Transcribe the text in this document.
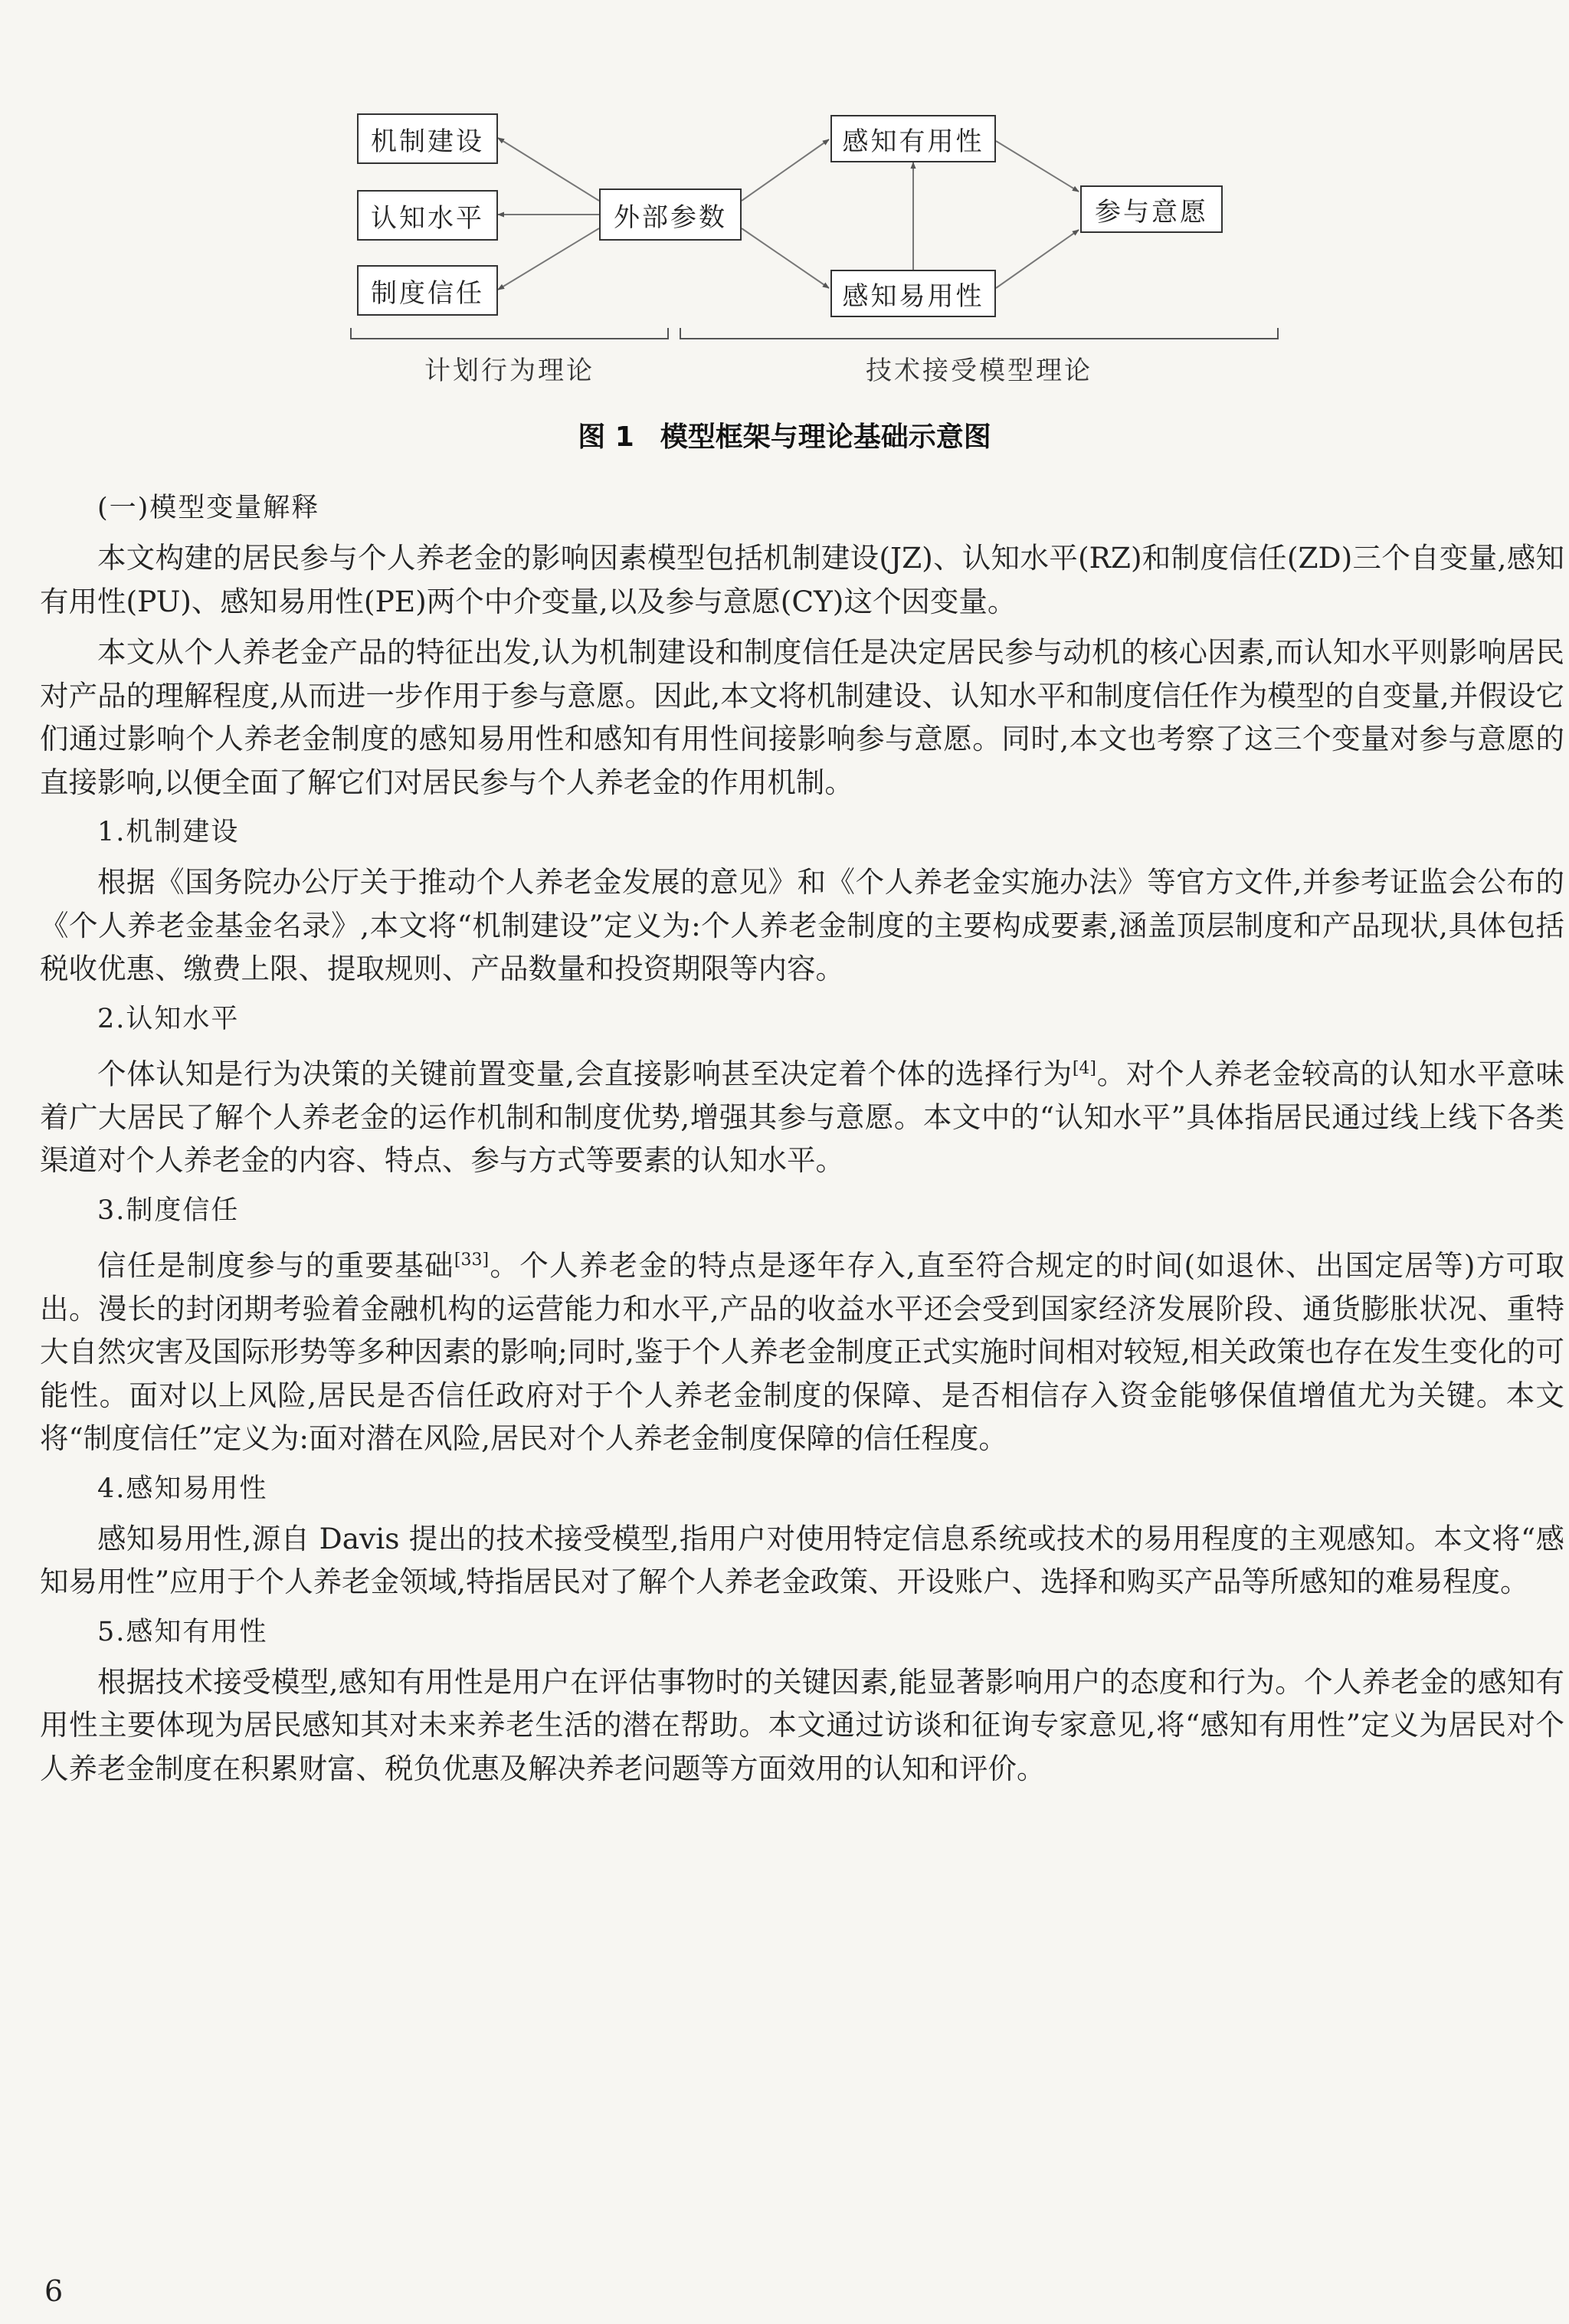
机制建设
认知水平
制度信任
外部参数
感知有用性
感知易用性
参与意愿
计划行为理论	技术接受模型理论
图 1 模型框架与理论基础示意图
(一)模型变量解释

本文构建的居民参与个人养老金的影响因素模型包括机制建设(JZ)、认知水平(RZ)和制度信任(ZD)三个自变量,感知有用性(PU)、感知易用性(PE)两个中介变量,以及参与意愿(CY)这个因变量。

本文从个人养老金产品的特征出发,认为机制建设和制度信任是决定居民参与动机的核心因素,而认知水平则影响居民对产品的理解程度,从而进一步作用于参与意愿。因此,本文将机制建设、认知水平和制度信任作为模型的自变量,并假设它们通过影响个人养老金制度的感知易用性和感知有用性间接影响参与意愿。同时,本文也考察了这三个变量对参与意愿的直接影响,以便全面了解它们对居民参与个人养老金的作用机制。

1.机制建设

根据《国务院办公厅关于推动个人养老金发展的意见》和《个人养老金实施办法》等官方文件,并参考证监会公布的《个人养老金基金名录》,本文将“机制建设”定义为:个人养老金制度的主要构成要素,涵盖顶层制度和产品现状,具体包括税收优惠、缴费上限、提取规则、产品数量和投资期限等内容。

2.认知水平

个体认知是行为决策的关键前置变量,会直接影响甚至决定着个体的选择行为[4]。对个人养老金较高的认知水平意味着广大居民了解个人养老金的运作机制和制度优势,增强其参与意愿。本文中的“认知水平”具体指居民通过线上线下各类渠道对个人养老金的内容、特点、参与方式等要素的认知水平。

3.制度信任

信任是制度参与的重要基础[33]。个人养老金的特点是逐年存入,直至符合规定的时间(如退休、出国定居等)方可取出。漫长的封闭期考验着金融机构的运营能力和水平,产品的收益水平还会受到国家经济发展阶段、通货膨胀状况、重特大自然灾害及国际形势等多种因素的影响;同时,鉴于个人养老金制度正式实施时间相对较短,相关政策也存在发生变化的可能性。面对以上风险,居民是否信任政府对于个人养老金制度的保障、是否相信存入资金能够保值增值尤为关键。本文将“制度信任”定义为:面对潜在风险,居民对个人养老金制度保障的信任程度。

4.感知易用性

感知易用性,源自 Davis 提出的技术接受模型,指用户对使用特定信息系统或技术的易用程度的主观感知。本文将“感知易用性”应用于个人养老金领域,特指居民对了解个人养老金政策、开设账户、选择和购买产品等所感知的难易程度。

5.感知有用性

根据技术接受模型,感知有用性是用户在评估事物时的关键因素,能显著影响用户的态度和行为。个人养老金的感知有用性主要体现为居民感知其对未来养老生活的潜在帮助。本文通过访谈和征询专家意见,将“感知有用性”定义为居民对个人养老金制度在积累财富、税负优惠及解决养老问题等方面效用的认知和评价。

6
